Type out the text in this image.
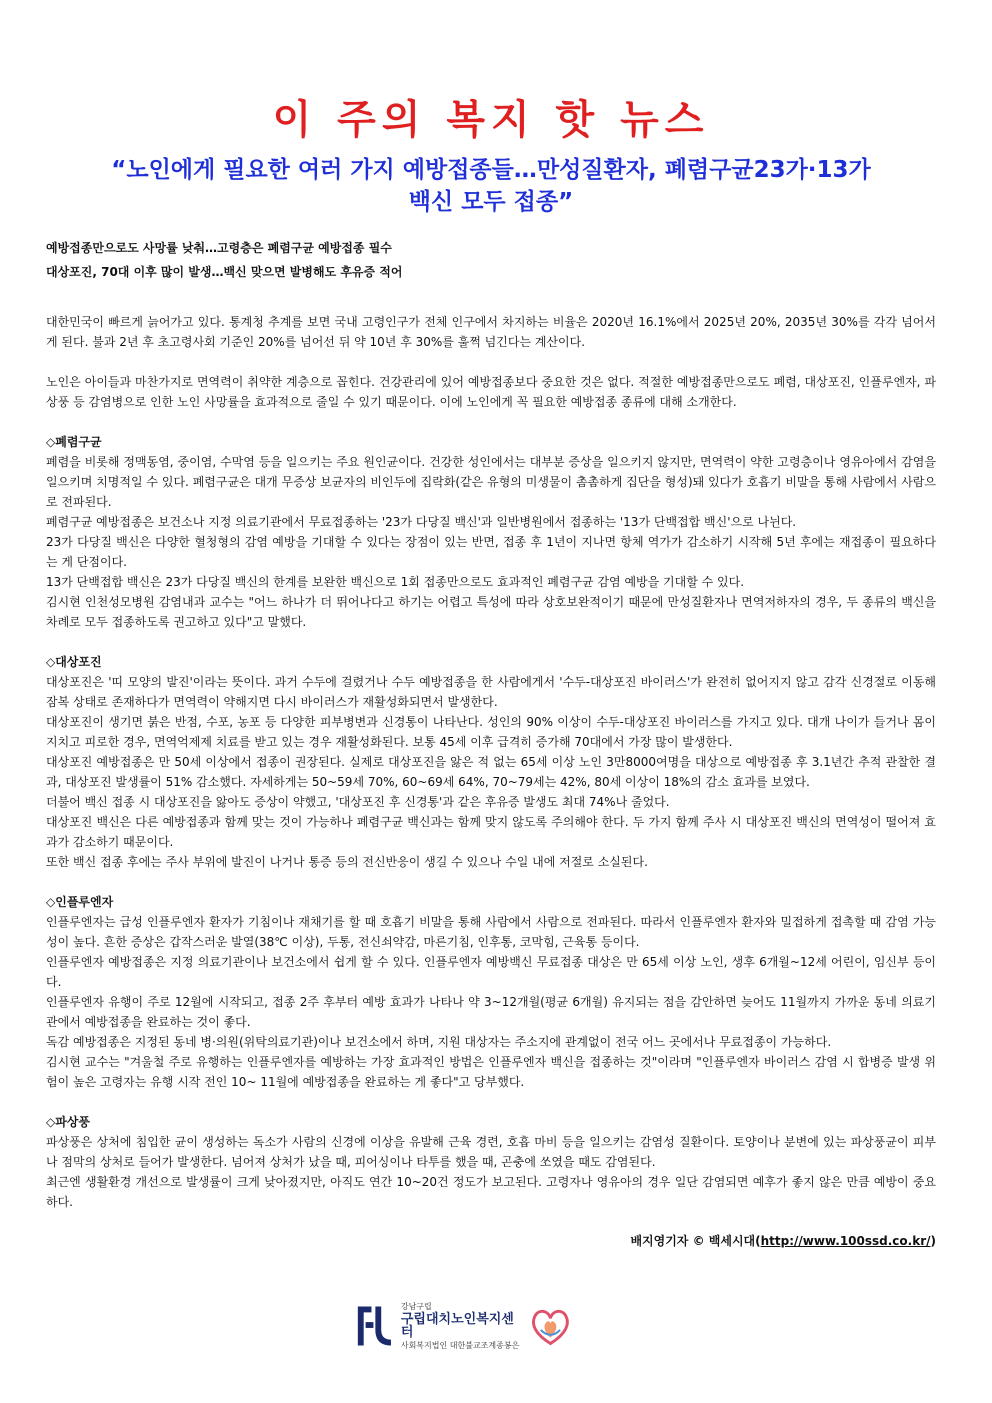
이 주의 복지 핫 뉴스
“노인에게 필요한 여러 가지 예방접종들…만성질환자, 폐렴구균23가·13가
백신 모두 접종”
예방접종만으로도 사망률 낮춰…고령층은 폐렴구균 예방접종 필수
대상포진, 70대 이후 많이 발생…백신 맞으면 발병해도 후유증 적어

대한민국이 빠르게 늙어가고 있다. 통계청 추계를 보면 국내 고령인구가 전체 인구에서 차지하는 비율은 2020년 16.1%에서 2025년 20%, 2035년 30%를 각각 넘어서게 된다. 불과 2년 후 초고령사회 기준인 20%를 넘어선 뒤 약 10년 후 30%를 훌쩍 넘긴다는 계산이다.

노인은 아이들과 마찬가지로 면역력이 취약한 계층으로 꼽힌다. 건강관리에 있어 예방접종보다 중요한 것은 없다. 적절한 예방접종만으로도 폐렴, 대상포진, 인플루엔자, 파상풍 등 감염병으로 인한 노인 사망률을 효과적으로 줄일 수 있기 때문이다. 이에 노인에게 꼭 필요한 예방접종 종류에 대해 소개한다.

◇폐렴구균

폐렴을 비롯해 정맥동염, 중이염, 수막염 등을 일으키는 주요 원인균이다. 건강한 성인에서는 대부분 증상을 일으키지 않지만, 면역력이 약한 고령층이나 영유아에서 감염을 일으키며 치명적일 수 있다. 폐렴구균은 대개 무증상 보균자의 비인두에 집락화(같은 유형의 미생물이 촘촘하게 집단을 형성)돼 있다가 호흡기 비말을 통해 사람에서 사람으로 전파된다.

폐렴구균 예방접종은 보건소나 지정 의료기관에서 무료접종하는 '23가 다당질 백신'과 일반병원에서 접종하는 '13가 단백접합 백신'으로 나뉜다.

23가 다당질 백신은 다양한 혈청형의 감염 예방을 기대할 수 있다는 장점이 있는 반면, 접종 후 1년이 지나면 항체 역가가 감소하기 시작해 5년 후에는 재접종이 필요하다는 게 단점이다.

13가 단백접합 백신은 23가 다당질 백신의 한계를 보완한 백신으로 1회 접종만으로도 효과적인 폐렴구균 감염 예방을 기대할 수 있다.

김시현 인천성모병원 감염내과 교수는 "어느 하나가 더 뛰어나다고 하기는 어렵고 특성에 따라 상호보완적이기 때문에 만성질환자나 면역저하자의 경우, 두 종류의 백신을 차례로 모두 접종하도록 권고하고 있다"고 말했다.

◇대상포진

대상포진은 '띠 모양의 발진'이라는 뜻이다. 과거 수두에 걸렸거나 수두 예방접종을 한 사람에게서 '수두-대상포진 바이러스'가 완전히 없어지지 않고 감각 신경절로 이동해 잠복 상태로 존재하다가 면역력이 약해지면 다시 바이러스가 재활성화되면서 발생한다.

대상포진이 생기면 붉은 반점, 수포, 농포 등 다양한 피부병변과 신경통이 나타난다. 성인의 90% 이상이 수두-대상포진 바이러스를 가지고 있다. 대개 나이가 들거나 몸이 지치고 피로한 경우, 면역억제제 치료를 받고 있는 경우 재활성화된다. 보통 45세 이후 급격히 증가해 70대에서 가장 많이 발생한다.

대상포진 예방접종은 만 50세 이상에서 접종이 권장된다. 실제로 대상포진을 앓은 적 없는 65세 이상 노인 3만8000여명을 대상으로 예방접종 후 3.1년간 추적 관찰한 결과, 대상포진 발생률이 51% 감소했다. 자세하게는 50~59세 70%, 60~69세 64%, 70~79세는 42%, 80세 이상이 18%의 감소 효과를 보였다.

더불어 백신 접종 시 대상포진을 앓아도 증상이 약했고, '대상포진 후 신경통'과 같은 후유증 발생도 최대 74%나 줄었다.

대상포진 백신은 다른 예방접종과 함께 맞는 것이 가능하나 폐렴구균 백신과는 함께 맞지 않도록 주의해야 한다. 두 가지 함께 주사 시 대상포진 백신의 면역성이 떨어져 효과가 감소하기 때문이다.

또한 백신 접종 후에는 주사 부위에 발진이 나거나 통증 등의 전신반응이 생길 수 있으나 수일 내에 저절로 소실된다.

◇인플루엔자

인플루엔자는 급성 인플루엔자 환자가 기침이나 재채기를 할 때 호흡기 비말을 통해 사람에서 사람으로 전파된다. 따라서 인플루엔자 환자와 밀접하게 접촉할 때 감염 가능성이 높다. 흔한 증상은 갑작스러운 발열(38℃ 이상), 두통, 전신쇠약감, 마른기침, 인후통, 코막힘, 근육통 등이다.

인플루엔자 예방접종은 지정 의료기관이나 보건소에서 쉽게 할 수 있다. 인플루엔자 예방백신 무료접종 대상은 만 65세 이상 노인, 생후 6개월~12세 어린이, 임신부 등이다.

인플루엔자 유행이 주로 12월에 시작되고, 접종 2주 후부터 예방 효과가 나타나 약 3~12개월(평균 6개월) 유지되는 점을 감안하면 늦어도 11월까지 가까운 동네 의료기관에서 예방접종을 완료하는 것이 좋다.

독감 예방접종은 지정된 동네 병·의원(위탁의료기관)이나 보건소에서 하며, 지원 대상자는 주소지에 관계없이 전국 어느 곳에서나 무료접종이 가능하다.

김시현 교수는 "겨울철 주로 유행하는 인플루엔자를 예방하는 가장 효과적인 방법은 인플루엔자 백신을 접종하는 것"이라며 "인플루엔자 바이러스 감염 시 합병증 발생 위험이 높은 고령자는 유행 시작 전인 10~ 11월에 예방접종을 완료하는 게 좋다"고 당부했다.

◇파상풍

파상풍은 상처에 침입한 균이 생성하는 독소가 사람의 신경에 이상을 유발해 근육 경련, 호흡 마비 등을 일으키는 감염성 질환이다. 토양이나 분변에 있는 파상풍균이 피부나 점막의 상처로 들어가 발생한다. 넘어져 상처가 났을 때, 피어싱이나 타투를 했을 때, 곤충에 쏘였을 때도 감염된다.

최근엔 생활환경 개선으로 발생률이 크게 낮아졌지만, 아직도 연간 10~20건 정도가 보고된다. 고령자나 영유아의 경우 일단 감염되면 예후가 좋지 않은 만큼 예방이 중요하다.

배지영기자 © 백세시대(http://www.100ssd.co.kr/)
강남구립
구립대치노인복지센터
사회복지법인 대한불교조계종봉은
